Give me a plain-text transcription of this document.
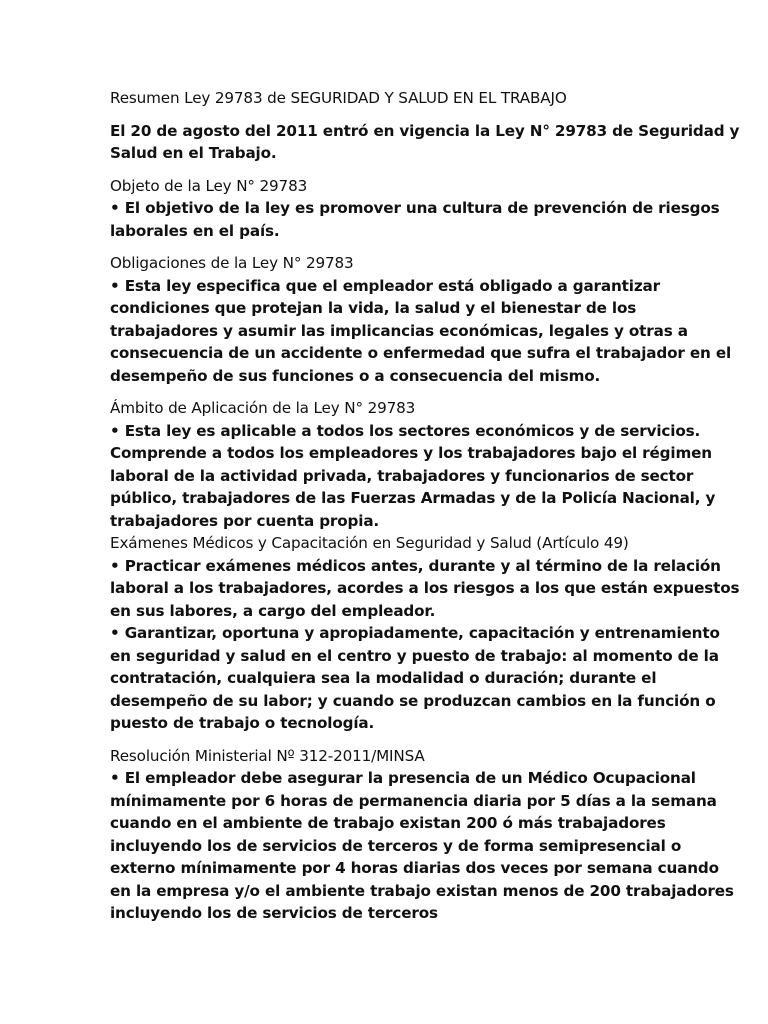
Resumen Ley 29783 de SEGURIDAD Y SALUD EN EL TRABAJO
El 20 de agosto del 2011 entró en vigencia la Ley N° 29783 de Seguridad y
Salud en el Trabajo.
Objeto de la Ley N° 29783
• El objetivo de la ley es promover una cultura de prevención de riesgos
laborales en el país.
Obligaciones de la Ley N° 29783
• Esta ley especifica que el empleador está obligado a garantizar
condiciones que protejan la vida, la salud y el bienestar de los
trabajadores y asumir las implicancias económicas, legales y otras a
consecuencia de un accidente o enfermedad que sufra el trabajador en el
desempeño de sus funciones o a consecuencia del mismo.
Ámbito de Aplicación de la Ley N° 29783
• Esta ley es aplicable a todos los sectores económicos y de servicios.
Comprende a todos los empleadores y los trabajadores bajo el régimen
laboral de la actividad privada, trabajadores y funcionarios de sector
público, trabajadores de las Fuerzas Armadas y de la Policía Nacional, y
trabajadores por cuenta propia.
Exámenes Médicos y Capacitación en Seguridad y Salud (Artículo 49)
• Practicar exámenes médicos antes, durante y al término de la relación
laboral a los trabajadores, acordes a los riesgos a los que están expuestos
en sus labores, a cargo del empleador.
• Garantizar, oportuna y apropiadamente, capacitación y entrenamiento
en seguridad y salud en el centro y puesto de trabajo: al momento de la
contratación, cualquiera sea la modalidad o duración; durante el
desempeño de su labor; y cuando se produzcan cambios en la función o
puesto de trabajo o tecnología.
Resolución Ministerial Nº 312-2011/MINSA
• El empleador debe asegurar la presencia de un Médico Ocupacional
mínimamente por 6 horas de permanencia diaria por 5 días a la semana
cuando en el ambiente de trabajo existan 200 ó más trabajadores
incluyendo los de servicios de terceros y de forma semipresencial o
externo mínimamente por 4 horas diarias dos veces por semana cuando
en la empresa y/o el ambiente trabajo existan menos de 200 trabajadores
incluyendo los de servicios de terceros
